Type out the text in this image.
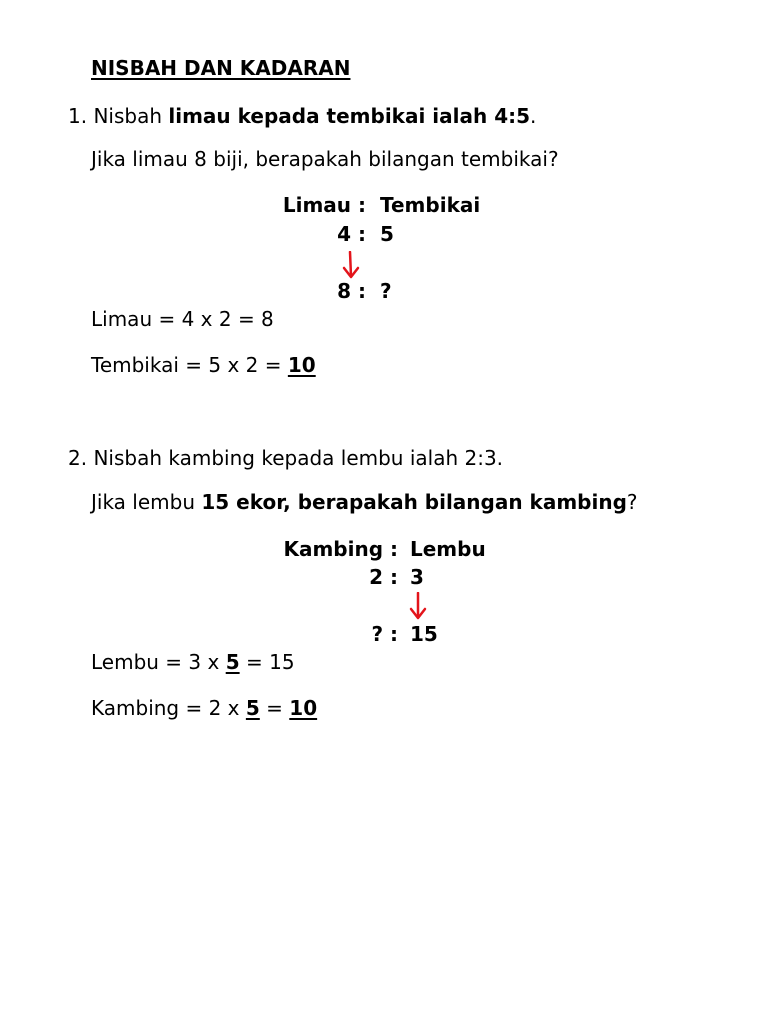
NISBAH DAN KADARAN
1. Nisbah limau kepada tembikai ialah 4:5.
Jika limau 8 biji, berapakah bilangan tembikai?
Limau : Tembikai
4 : 5
8 : ?
Limau = 4 x 2 = 8
Tembikai = 5 x 2 = 10
2. Nisbah kambing kepada lembu ialah 2:3.
Jika lembu 15 ekor, berapakah bilangan kambing?
Kambing : Lembu
2 : 3
? : 15
Lembu = 3 x 5 = 15
Kambing = 2 x 5 = 10
